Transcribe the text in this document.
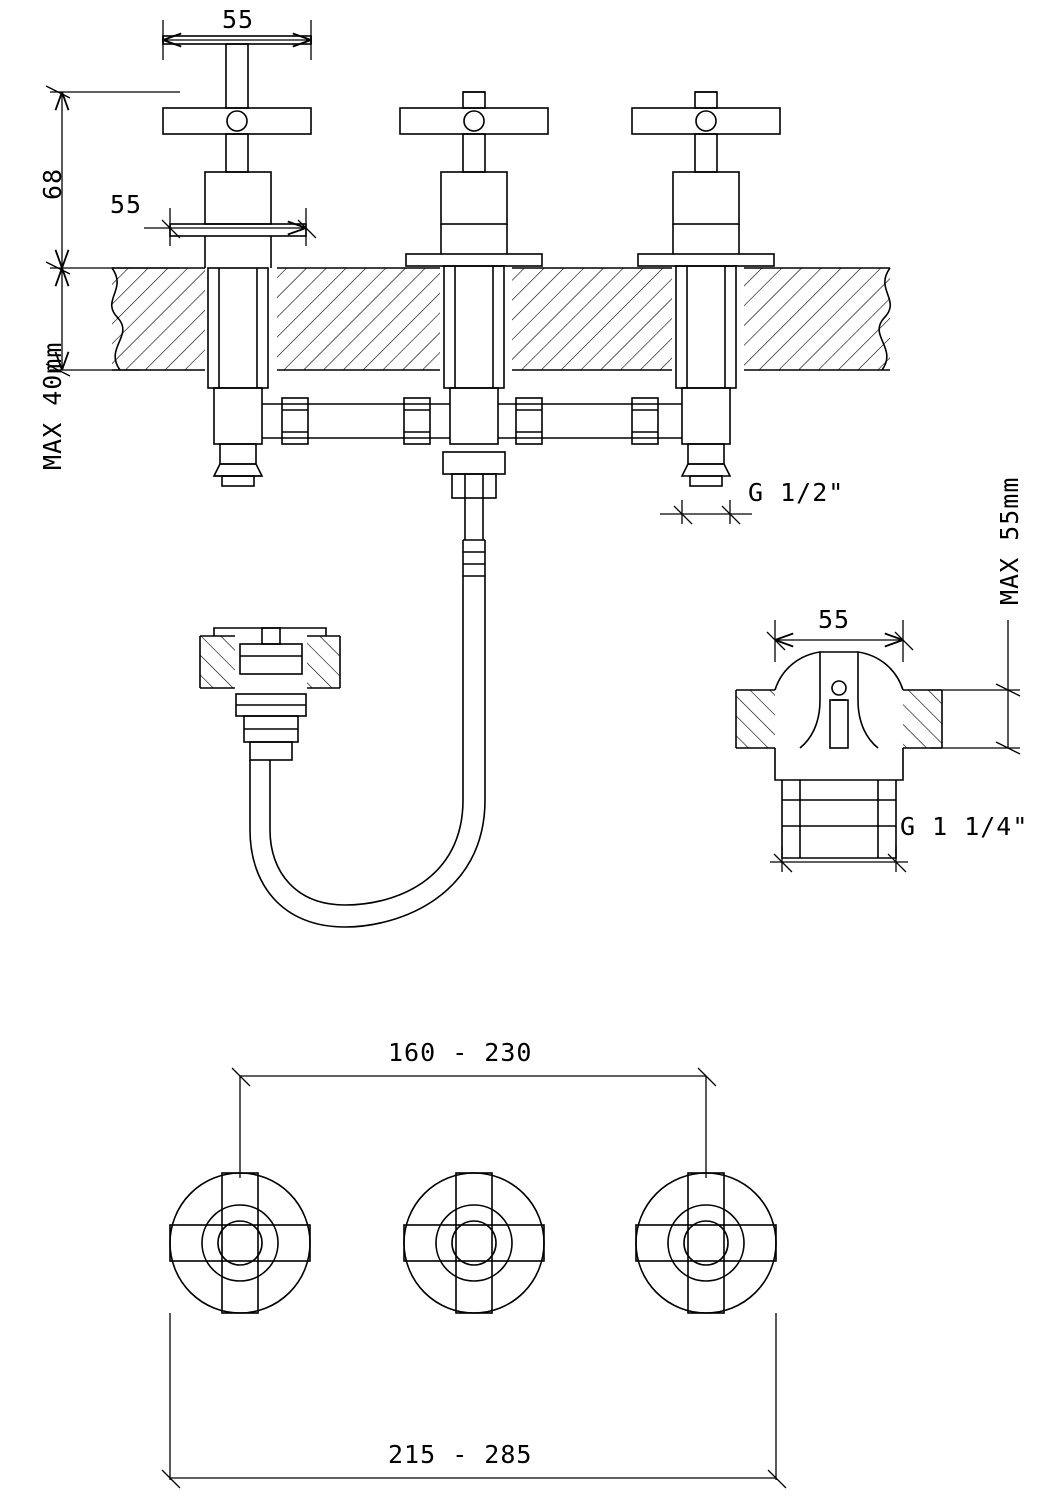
55
68
MAX 40mm
55
G 1/2"
55
MAX 55mm
G 1 1/4"
160 - 230
215 - 285
